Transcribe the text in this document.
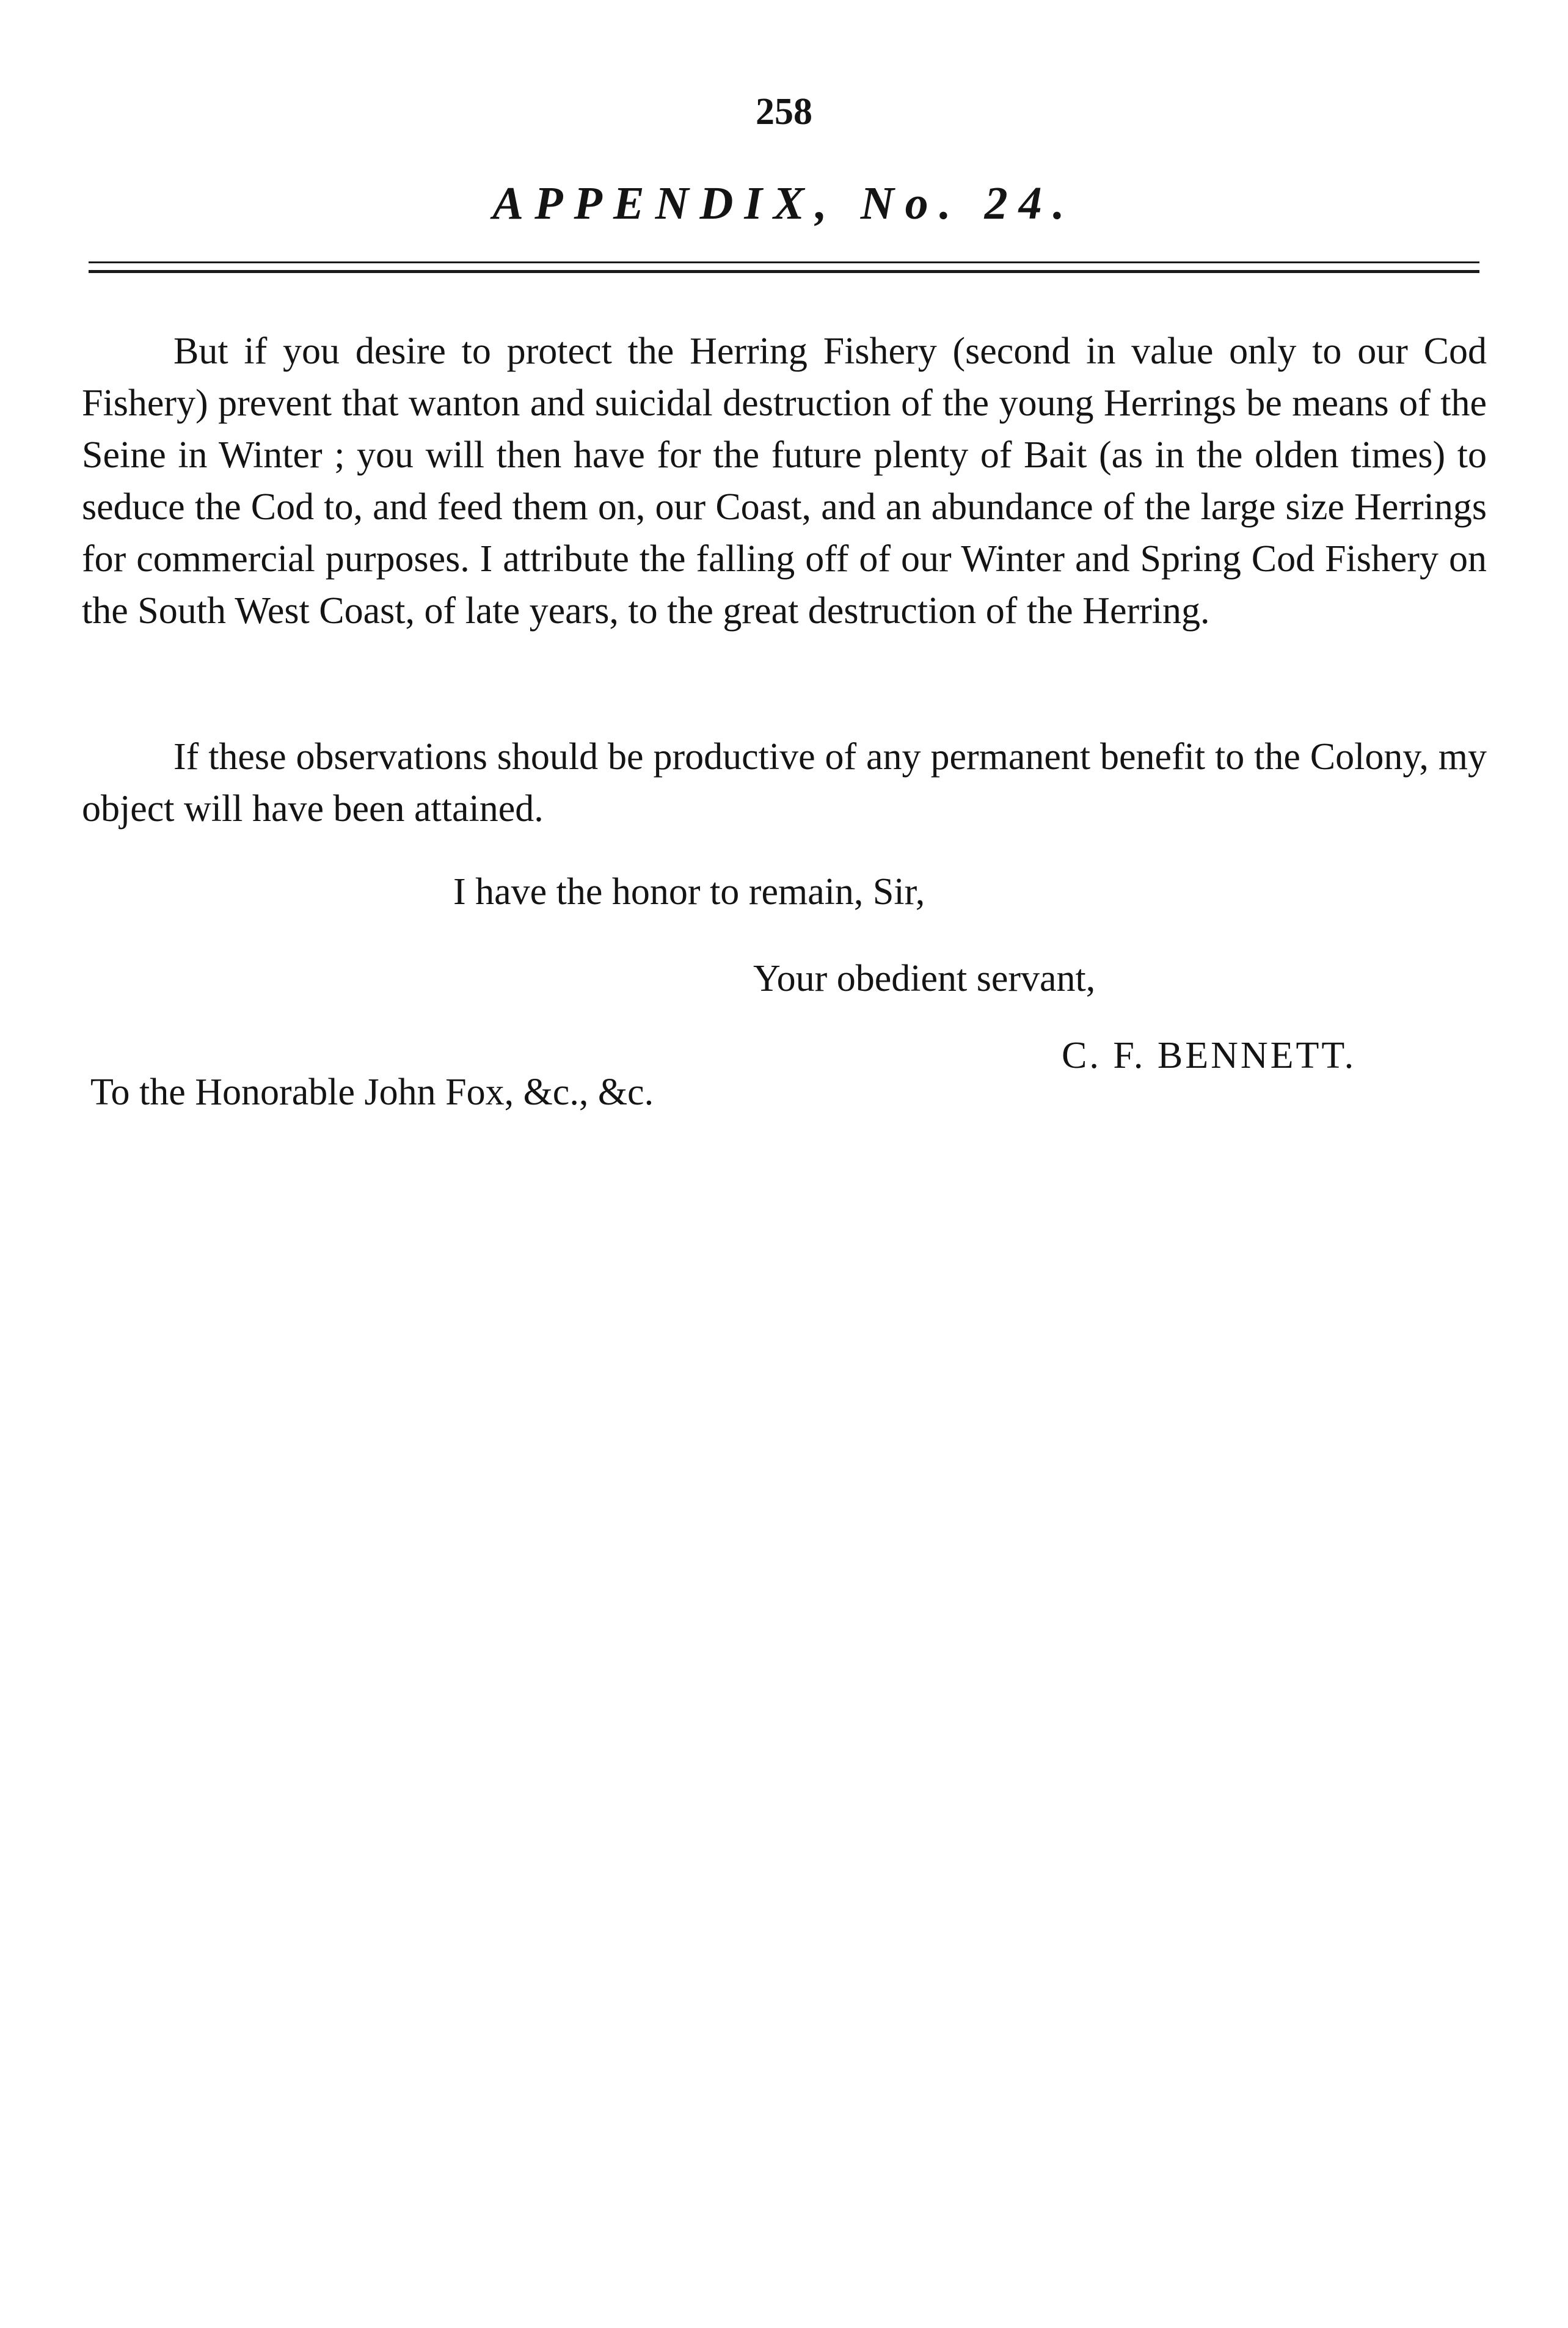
258
APPENDIX, No. 24.

But if you desire to protect the Herring Fishery (second in value only to our Cod Fishery) prevent that wanton and suicidal destruction of the young Herrings be means of the Seine in Winter ; you will then have for the future plenty of Bait (as in the olden times) to seduce the Cod to, and feed them on, our Coast, and an abundance of the large size Herrings for commercial purposes. I attribute the falling off of our Winter and Spring Cod Fishery on the South West Coast, of late years, to the great destruction of the Herring.

If these observations should be productive of any permanent benefit to the Colony, my object will have been attained.

I have the honor to remain, Sir,
Your obedient servant,
C. F. BENNETT.
To the Honorable John Fox, &c., &c.
